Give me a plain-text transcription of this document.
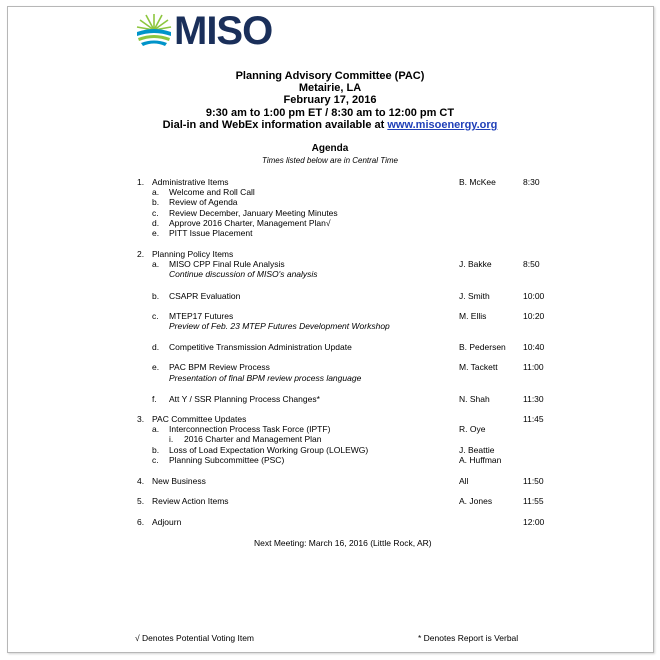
MISO
Planning Advisory Committee (PAC)
Metairie, LA
February 17, 2016
9:30 am to 1:00 pm ET / 8:30 am to 12:00 pm CT
Dial-in and WebEx information available at www.misoenergy.org
Agenda
Times listed below are in Central Time
1. Administrative Items	B. McKee	8:30
a. Welcome and Roll Call
b. Review of Agenda
c. Review December, January Meeting Minutes
d. Approve 2016 Charter, Management Plan√
e. PITT Issue Placement
2. Planning Policy Items
a. MISO CPP Final Rule Analysis	J. Bakke	8:50
Continue discussion of MISO's analysis
b. CSAPR Evaluation	J. Smith	10:00
c. MTEP17 Futures	M. Ellis	10:20
Preview of Feb. 23 MTEP Futures Development Workshop
d. Competitive Transmission Administration Update	B. Pedersen 10:40
e. PAC BPM Review Process	M. Tackett	11:00
Presentation of final BPM review process language
f. Att Y / SSR Planning Process Changes*	N. Shah	11:30
3. PAC Committee Updates	11:45
a. Interconnection Process Task Force (IPTF)	R. Oye
i. 2016 Charter and Management Plan
b. Loss of Load Expectation Working Group (LOLEWG)	J. Beattie
c. Planning Subcommittee (PSC)	A. Huffman
4. New Business	All	11:50
5. Review Action Items	A. Jones	11:55
6. Adjourn	12:00
Next Meeting: March 16, 2016 (Little Rock, AR)
√ Denotes Potential Voting Item	* Denotes Report is Verbal
